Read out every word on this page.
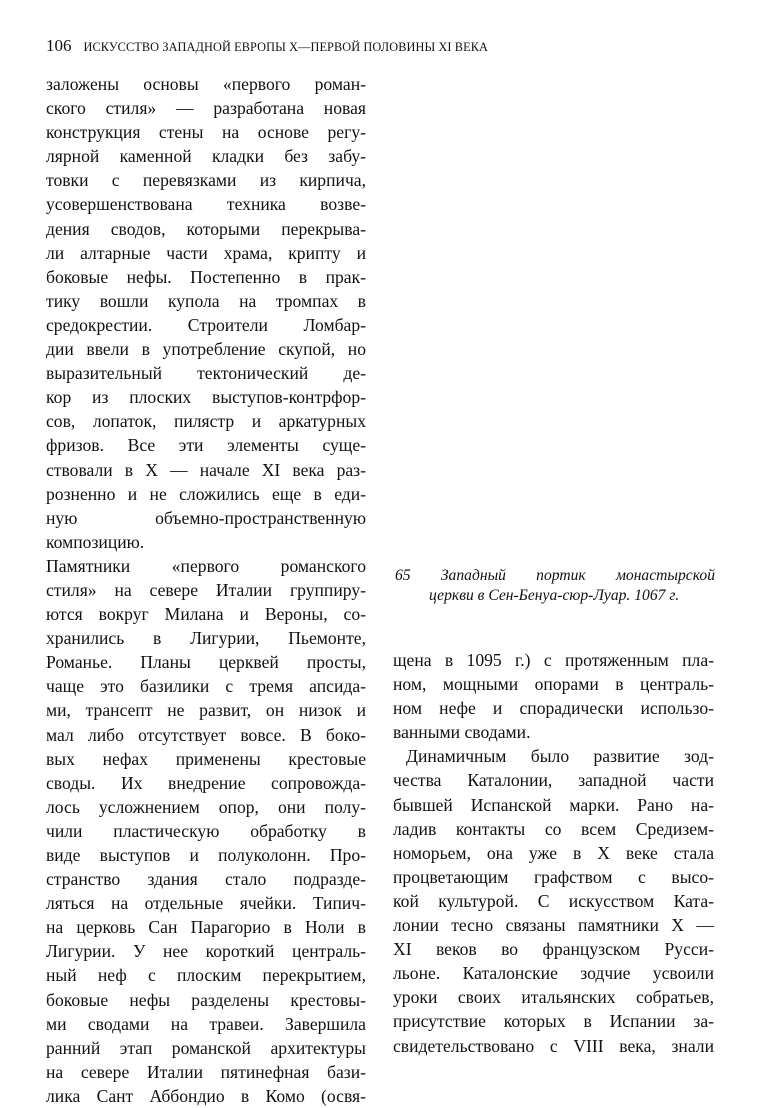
106 ИСКУССТВО ЗАПАДНОЙ ЕВРОПЫ X—ПЕРВОЙ ПОЛОВИНЫ XI ВЕКА
заложены основы «первого роман-
ского стиля» — разработана новая
конструкция стены на основе регу-
лярной каменной кладки без забу-
товки с перевязками из кирпича,
усовершенствована техника возве-
дения сводов, которыми перекрыва-
ли алтарные части храма, крипту и
боковые нефы. Постепенно в прак-
тику вошли купола на тромпах в
средокрестии. Строители Ломбар-
дии ввели в употребление скупой, но
выразительный тектонический де-
кор из плоских выступов-контрфор-
сов, лопаток, пилястр и аркатурных
фризов. Все эти элементы суще-
ствовали в X — начале XI века раз-
розненно и не сложились еще в еди-
ную объемно-пространственную
композицию.
Памятники «первого романского
стиля» на севере Италии группиру-
ются вокруг Милана и Вероны, со-
хранились в Лигурии, Пьемонте,
Романье. Планы церквей просты,
чаще это базилики с тремя апсида-
ми, трансепт не развит, он низок и
мал либо отсутствует вовсе. В боко-
вых нефах применены крестовые
своды. Их внедрение сопровожда-
лось усложнением опор, они полу-
чили пластическую обработку в
виде выступов и полуколонн. Про-
странство здания стало подразде-
ляться на отдельные ячейки. Типич-
на церковь Сан Парагорио в Ноли в
Лигурии. У нее короткий централь-
ный неф с плоским перекрытием,
боковые нефы разделены крестовы-
ми сводами на травеи. Завершила
ранний этап романской архитектуры
на севере Италии пятинефная бази-
лика Сант Аббондио в Комо (освя-
65 Западный портик монастырской
церкви в Сен-Бенуа-сюр-Луар. 1067 г.
щена в 1095 г.) с протяженным пла-
ном, мощными опорами в централь-
ном нефе и спорадически использо-
ванными сводами.
Динамичным было развитие зод-
чества Каталонии, западной части
бывшей Испанской марки. Рано на-
ладив контакты со всем Средизем-
номорьем, она уже в X веке стала
процветающим графством с высо-
кой культурой. С искусством Ката-
лонии тесно связаны памятники X —
XI веков во французском Русси-
льоне. Каталонские зодчие усвоили
уроки своих итальянских собратьев,
присутствие которых в Испании за-
свидетельствовано с VIII века, знали
